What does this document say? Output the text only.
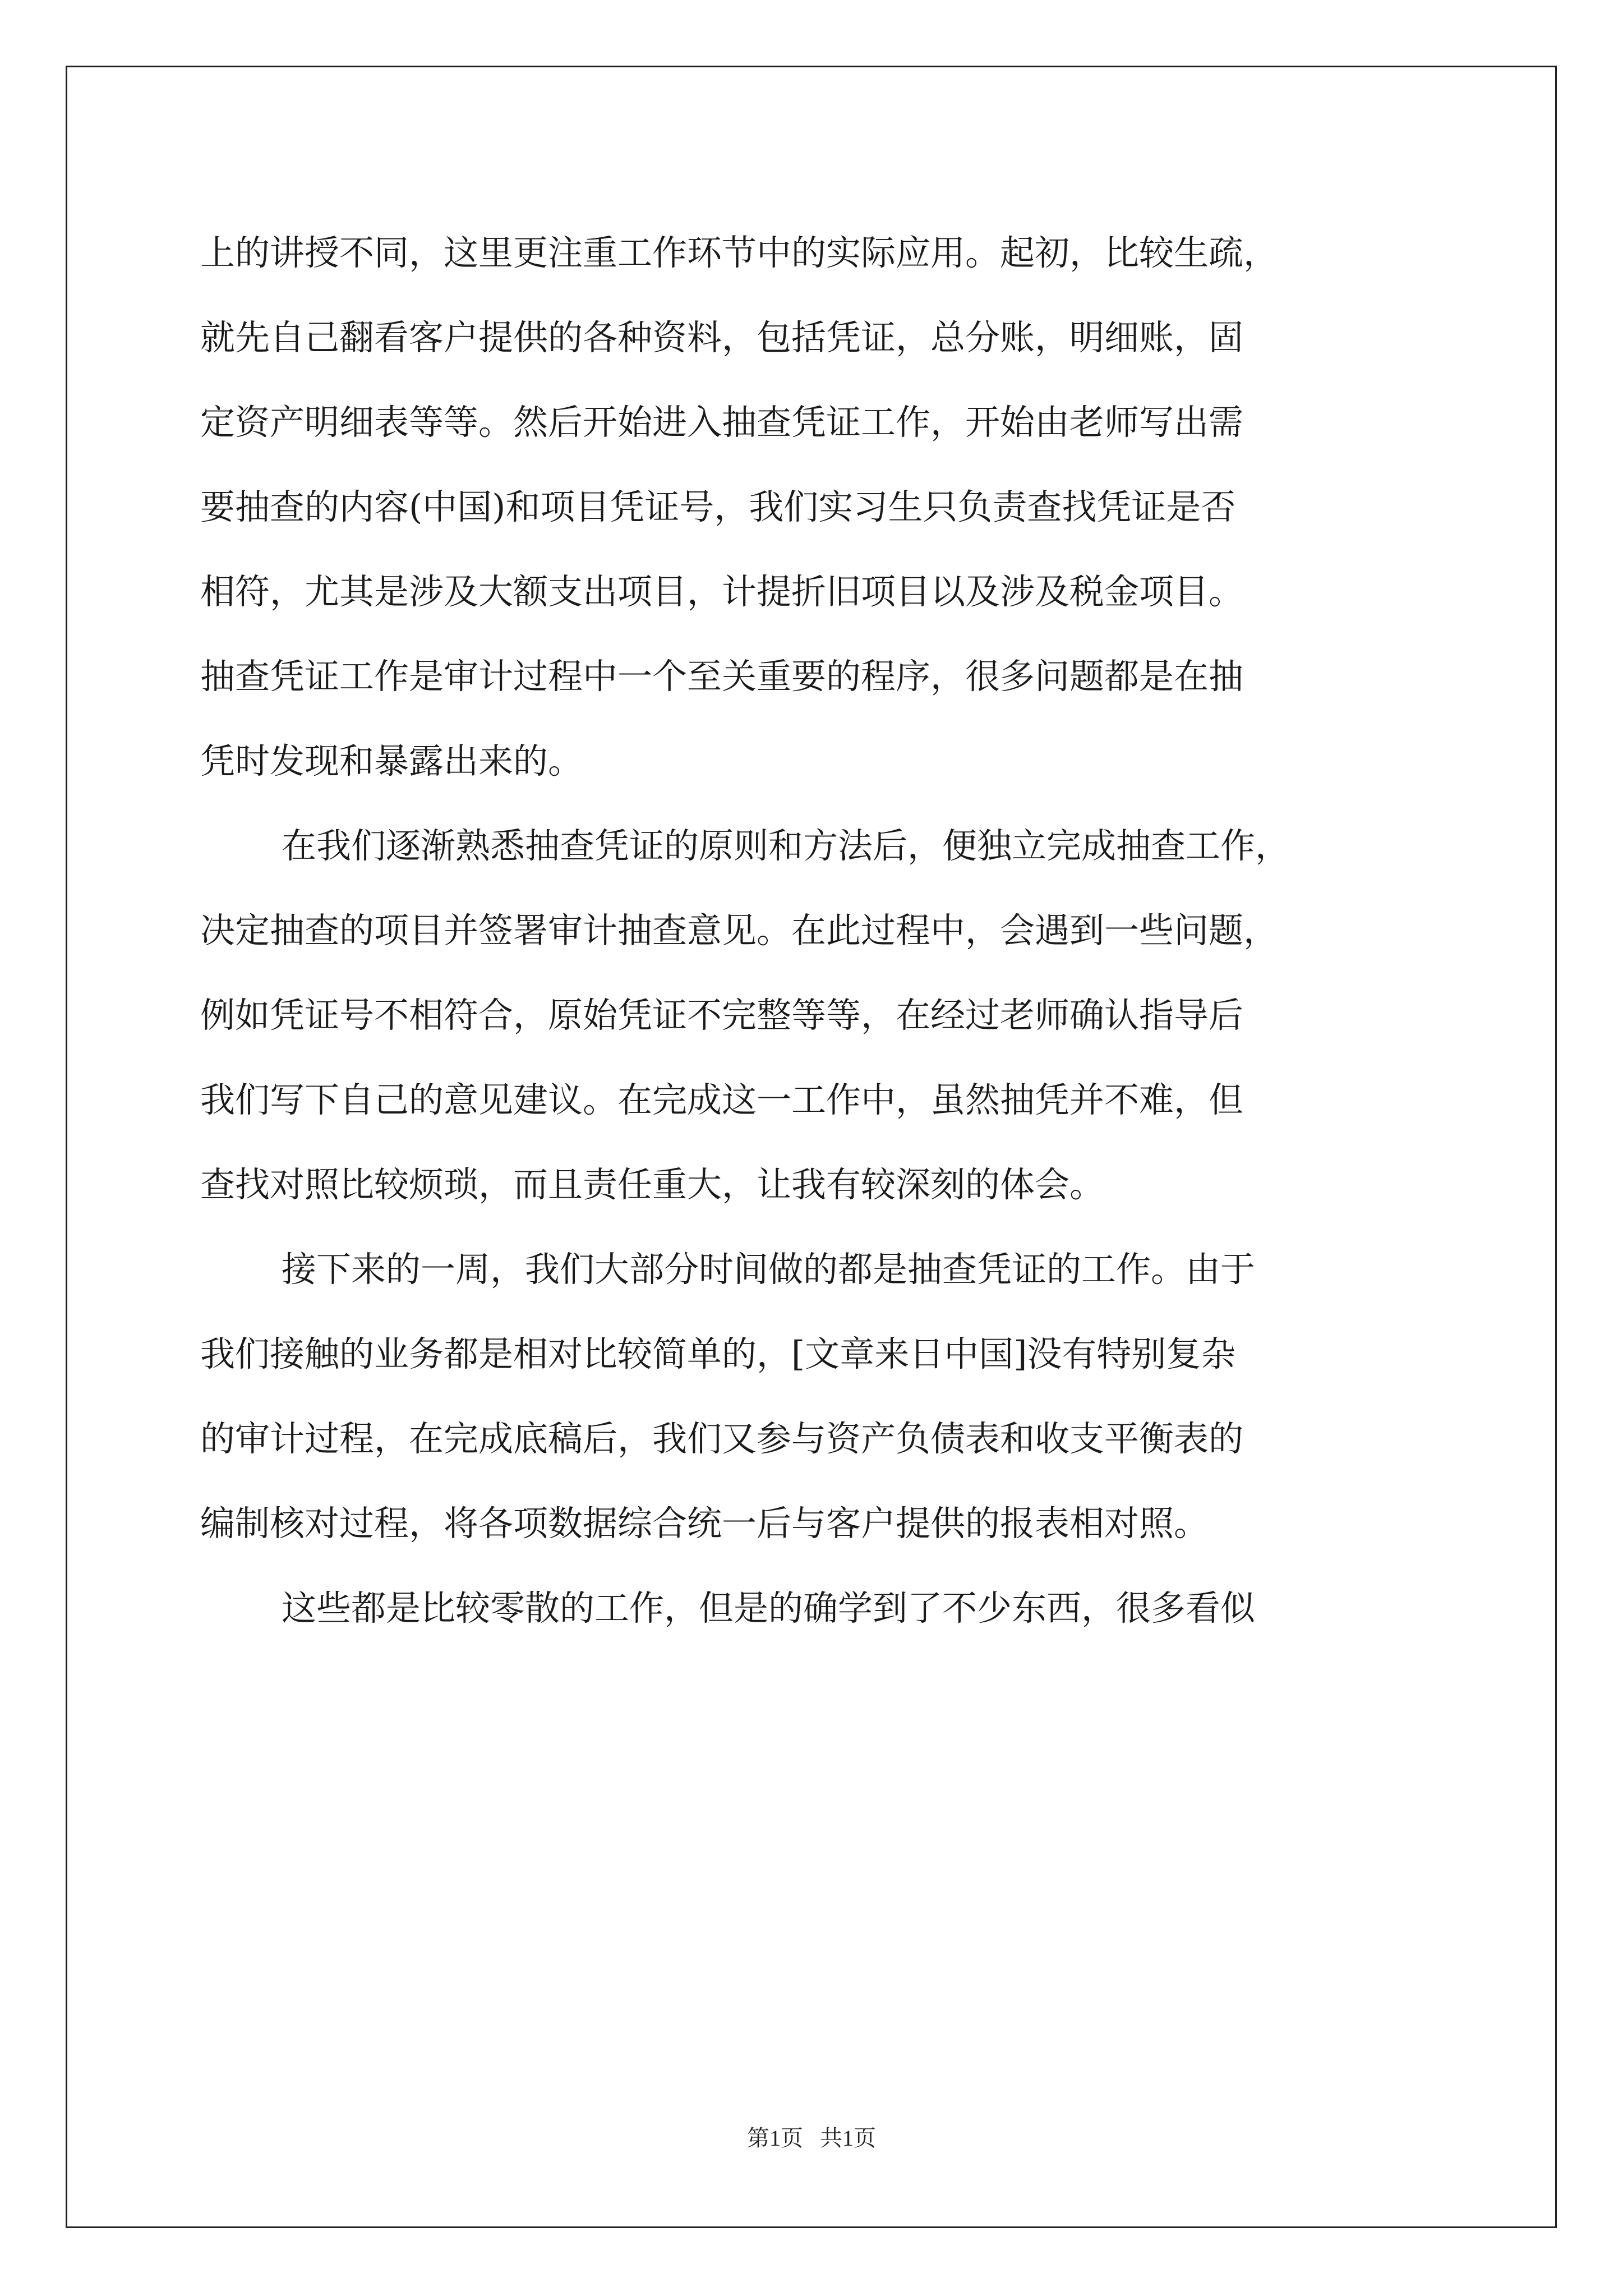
上的讲授不同，这里更注重工作环节中的实际应用。起初，比较生疏，
就先自己翻看客户提供的各种资料，包括凭证，总分账，明细账，固
定资产明细表等等。然后开始进入抽查凭证工作，开始由老师写出需
要抽查的内容(中国)和项目凭证号，我们实习生只负责查找凭证是否
相符，尤其是涉及大额支出项目，计提折旧项目以及涉及税金项目。
抽查凭证工作是审计过程中一个至关重要的程序，很多问题都是在抽
凭时发现和暴露出来的。
在我们逐渐熟悉抽查凭证的原则和方法后，便独立完成抽查工作，
决定抽查的项目并签署审计抽查意见。在此过程中，会遇到一些问题，
例如凭证号不相符合，原始凭证不完整等等，在经过老师确认指导后
我们写下自己的意见建议。在完成这一工作中，虽然抽凭并不难，但
查找对照比较烦琐，而且责任重大，让我有较深刻的体会。
接下来的一周，我们大部分时间做的都是抽查凭证的工作。由于
我们接触的业务都是相对比较简单的，[文章来日中国]没有特别复杂
的审计过程，在完成底稿后，我们又参与资产负债表和收支平衡表的
编制核对过程，将各项数据综合统一后与客户提供的报表相对照。
这些都是比较零散的工作，但是的确学到了不少东西，很多看似
第1页   共1页
